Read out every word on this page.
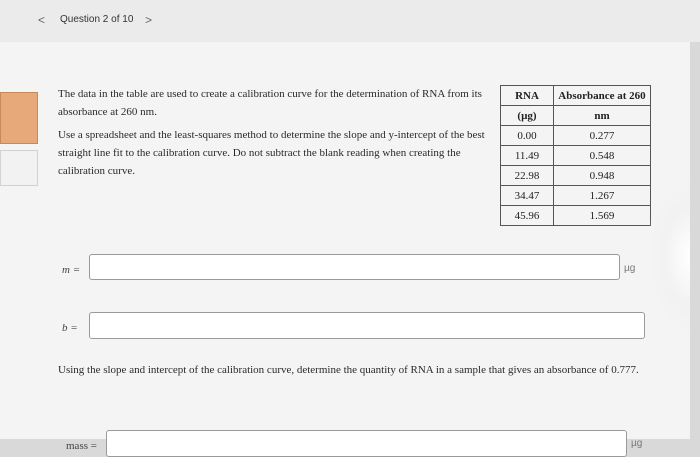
< Question 2 of 10 >
The data in the table are used to create a calibration curve for the determination of RNA from its absorbance at 260 nm.
Use a spreadsheet and the least-squares method to determine the slope and y-intercept of the best straight line fit to the calibration curve. Do not subtract the blank reading when creating the calibration curve.
RNA	Absorbance at 260
(µg)	nm
0.00	0.277
11.49	0.548
22.98	0.948
34.47	1.267
45.96	1.569
m =	µg
b =
Using the slope and intercept of the calibration curve, determine the quantity of RNA in a sample that gives an absorbance of 0.777.
mass =	µg
